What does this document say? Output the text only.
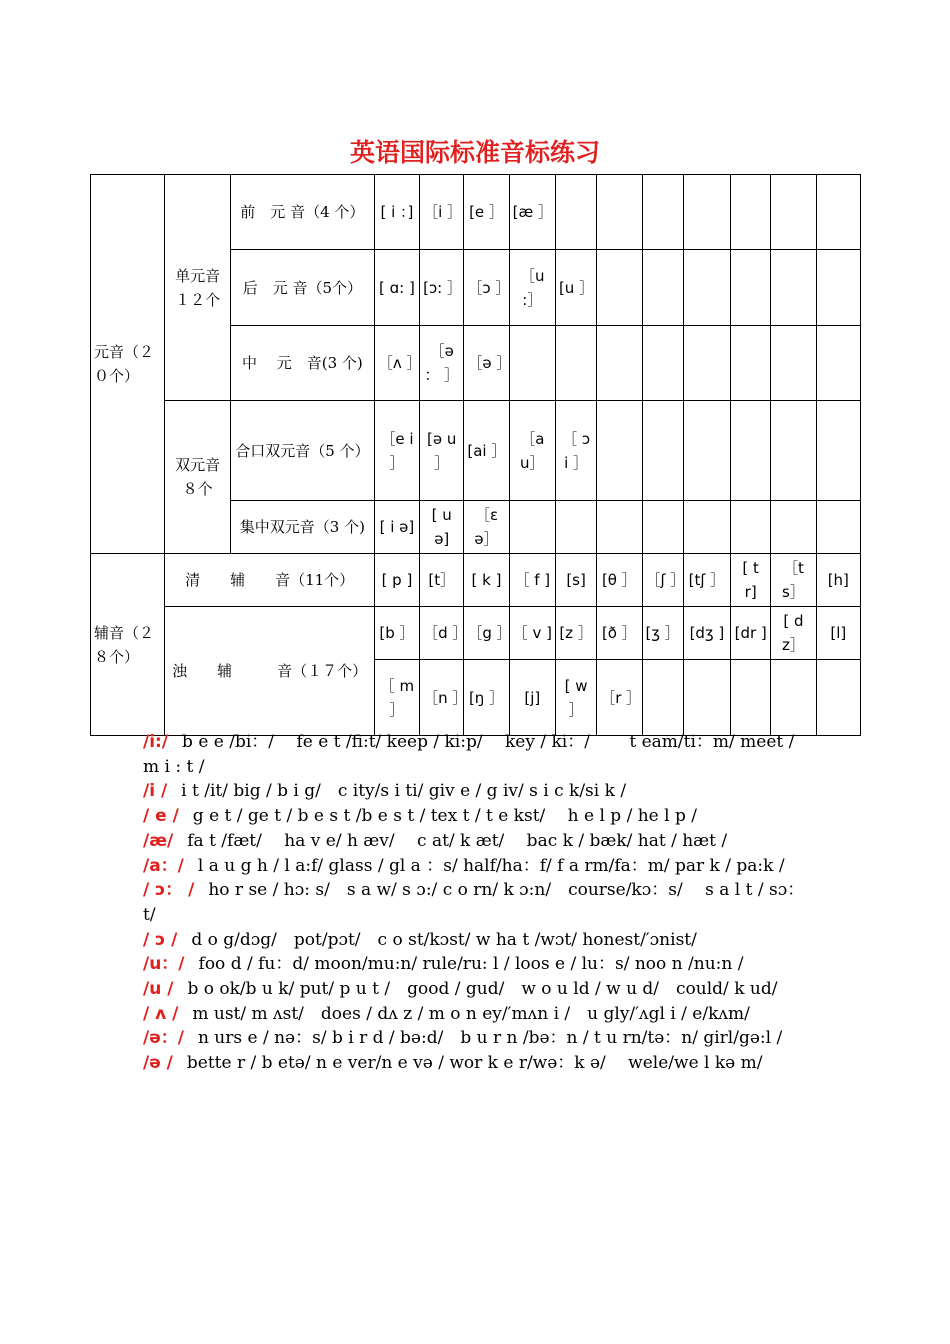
英语国际标准音标练习
元音（２０个）	单元音１２个	前　元 音（4 个）	[ i ：]	［i ］	[e ］	[æ ］							
		后　元 音（5个）	[ ɑ: ]	[ɔ: ］	［ɔ ］	［u :］	[u ］						
		中　 元　音(3 个)	［ʌ ］	［ə ： ］	［ə ］								
	双元音８个	合口双元音（5 个）	［e i ］	[ə u ］	[ai ］	［a u］	［ ɔ i ］						
		集中双元音（3 个)	[ i ə]	[ u ə]	［ɛ ə］								
辅音（２８个）	清　　辅　　音（11个）		[ p ]	[t］	[ k ]	［ f ]	[s]	[θ ］	［ʃ ］	[tʃ ］	[ t r]	［t s］	[h]
	浊　　辅　　　音（１７个）		[b ］	［d ］	［g ］	［ v ]	[z ］	[ð ］	[ʒ ］	[dʒ ]	[dr ]	[ d z］	[l]
			［ m ］	［n ］	[ŋ ］	[j]	[ w ］	［r ］					

/i:/ b e e /bi：/　 fe e t /fi:t/ keep / ki:p/　 key / ki：/　　 t eam/ti：m/ meet / m i : t /

/i / i t /it/ big / b i g/　c ity/s i ti/ giv e / g iv/ s i c k/si k /

/ e / g e t / ge t / b e s t /b e s t / tex t / t e kst/　 h e l p / he l p /

/æ/ fa t /fæt/　 ha v e/ h æv/　 c at/ k æt/　 bac k / bæk/ hat / hæt /

/a：/ l a u g h / l a:f/ glass / gl a ：s/ half/ha：f/ f a rm/fa：m/ par k / pa:k /

/ ɔ： / ho r se / hɔ: s/　s a w/ s ɔ:/ c o rn/ k ɔ:n/　course/kɔ：s/　 s a l t / sɔ：t/

/ ɔ / d o g/dɔg/　pot/pɔt/　c o st/kɔst/ w ha t /wɔt/ honest/′ɔnist/

/u：/ foo d / fu：d/ moon/mu:n/ rule/ru: l / loos e / lu：s/ noo n /nu:n /

/u / b o ok/b u k/ put/ p u t /　good / gud/　w o u ld / w u d/　could/ k ud/

/ ʌ / m ust/ m ʌst/　does / dʌ z / m o n ey/′mʌn i /　u gly/′ʌgl i / e/kʌm/

/ə：/ n urs e / nə：s/ b i r d / bə:d/　b u r n /bə：n / t u rn/tə：n/ girl/gə:l /

/ə / bette r / b etə/ n e ver/n e və / wor k e r/wə：k ə/　 wele/we l kə m/
